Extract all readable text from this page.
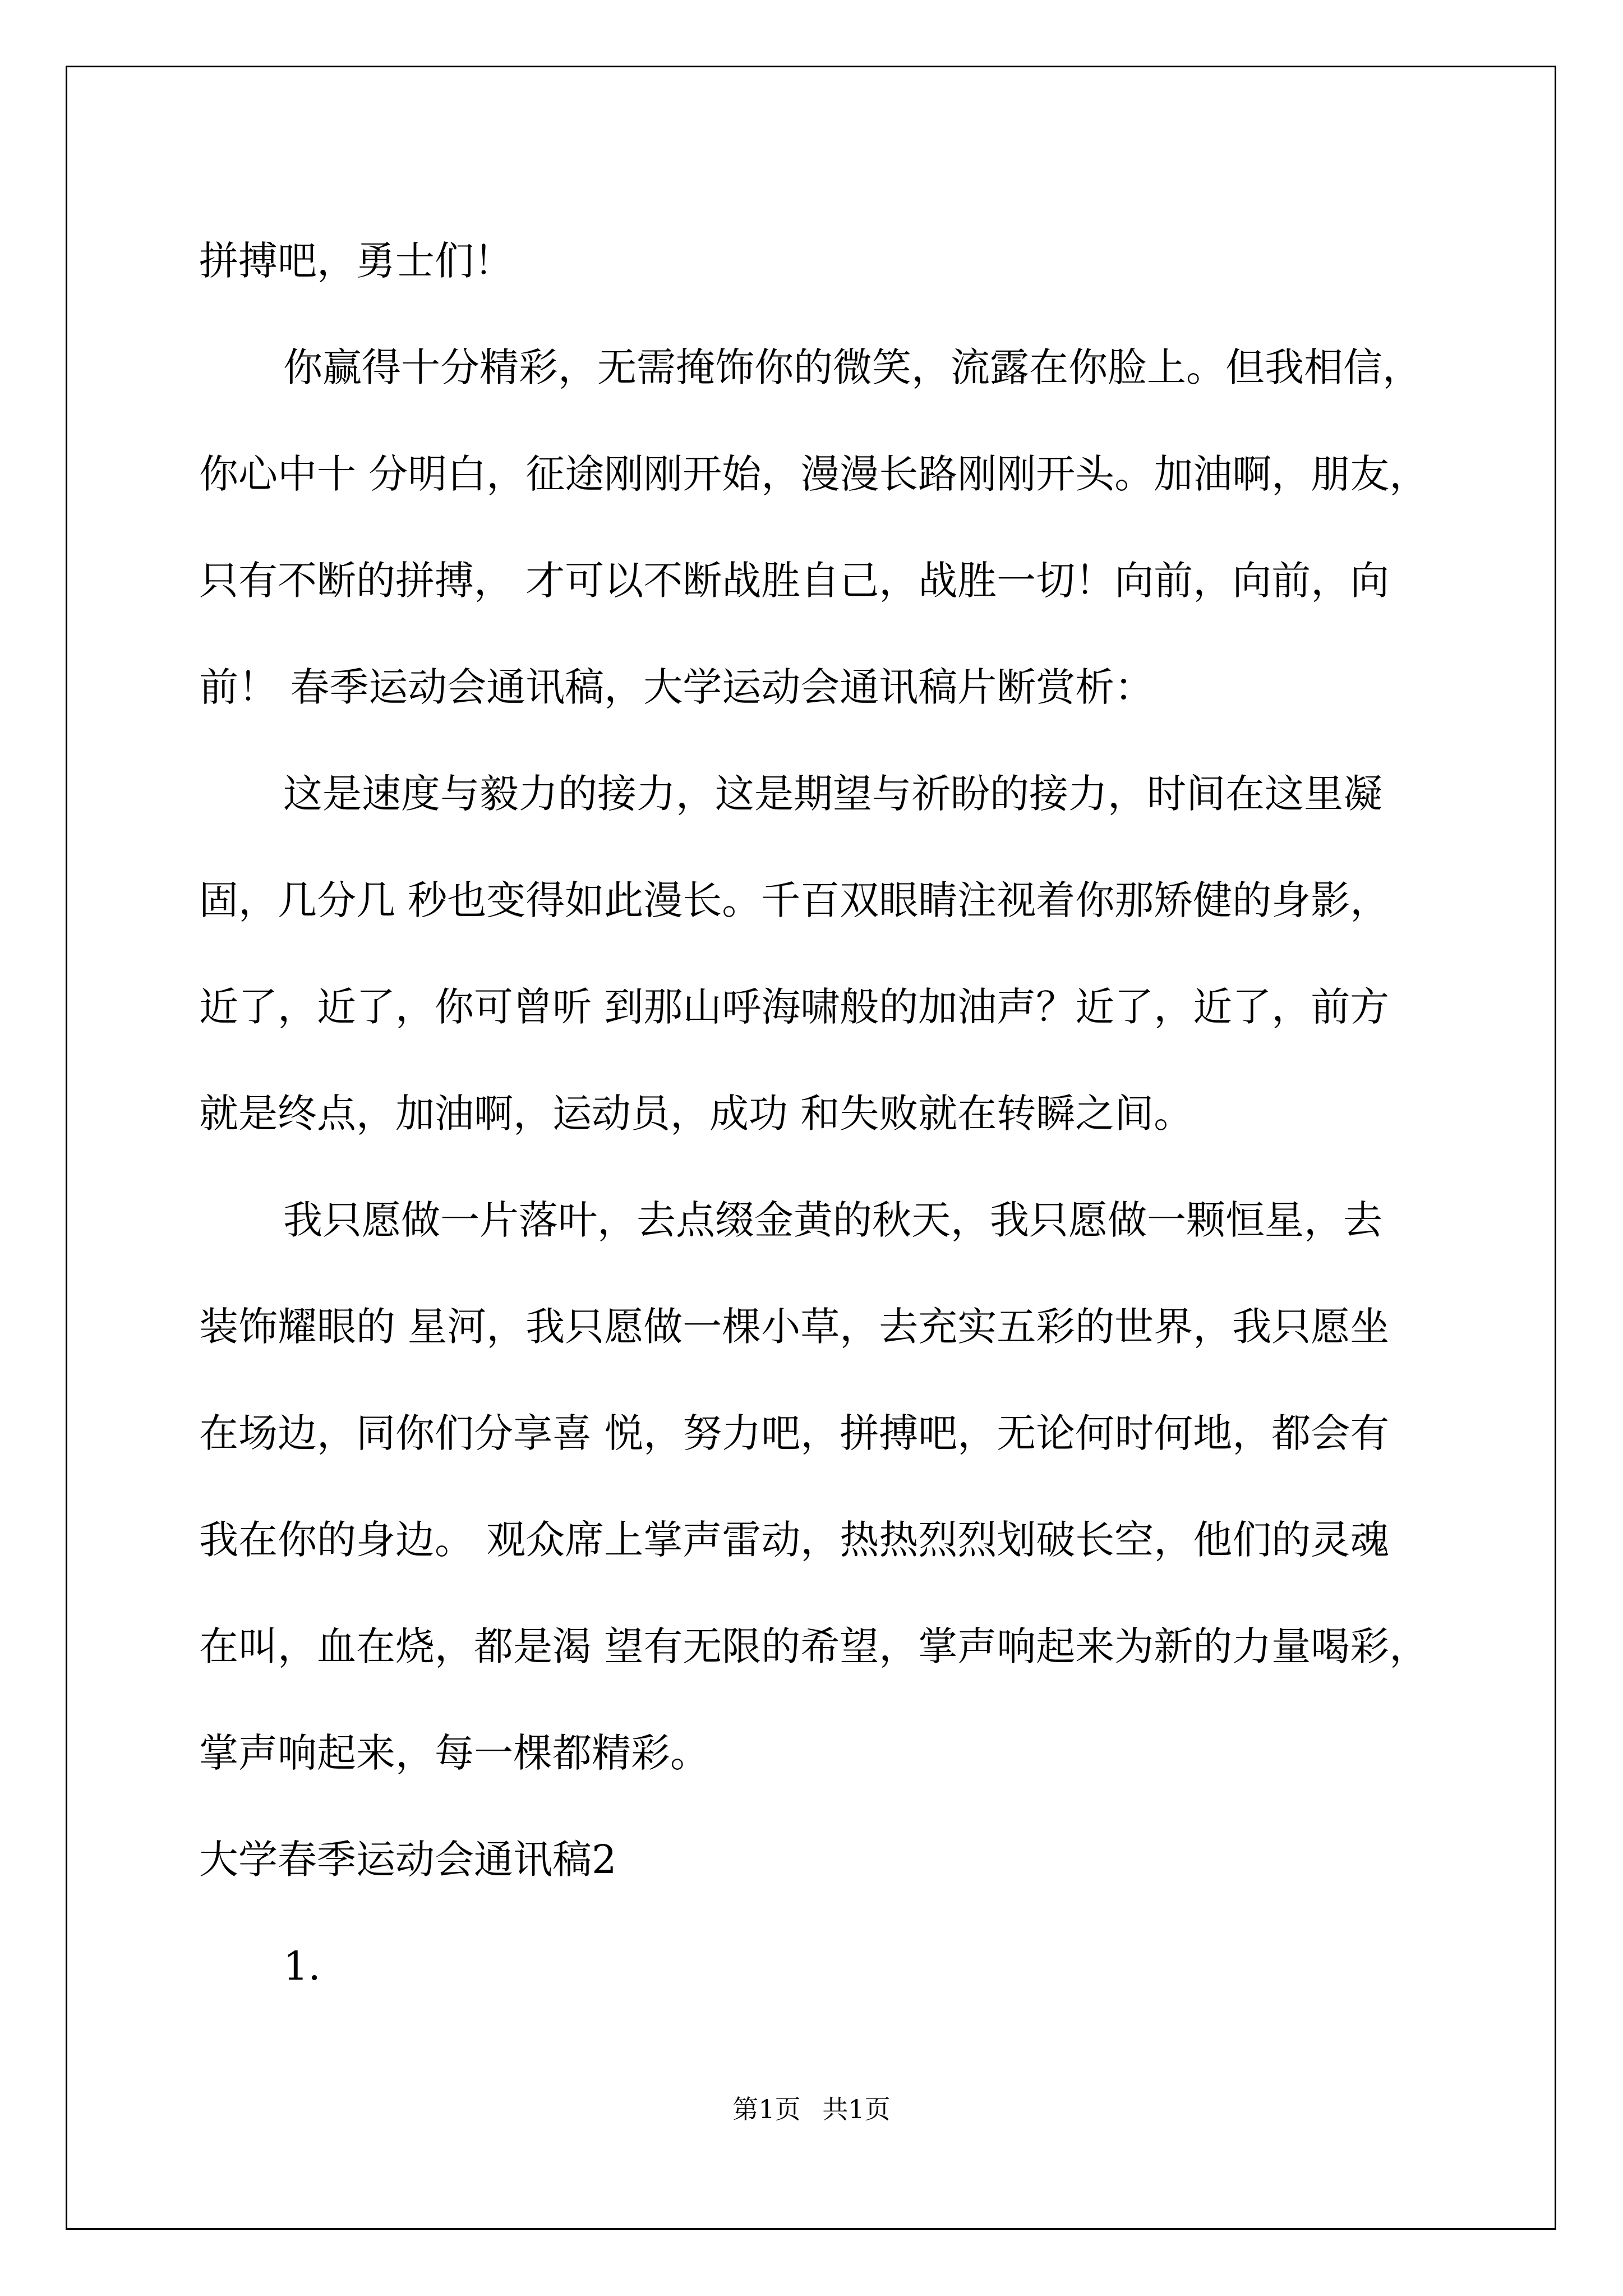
拼搏吧，勇士们！
你赢得十分精彩，无需掩饰你的微笑，流露在你脸上。但我相信，
你心中十 分明白，征途刚刚开始，漫漫长路刚刚开头。加油啊，朋友，
只有不断的拼搏， 才可以不断战胜自己，战胜一切！向前，向前，向
前！ 春季运动会通讯稿，大学运动会通讯稿片断赏析：
这是速度与毅力的接力，这是期望与祈盼的接力，时间在这里凝
固，几分几 秒也变得如此漫长。千百双眼睛注视着你那矫健的身影，
近了，近了，你可曾听 到那山呼海啸般的加油声？近了，近了，前方
就是终点，加油啊，运动员，成功 和失败就在转瞬之间。
我只愿做一片落叶，去点缀金黄的秋天，我只愿做一颗恒星，去
装饰耀眼的 星河，我只愿做一棵小草，去充实五彩的世界，我只愿坐
在场边，同你们分享喜 悦，努力吧，拼搏吧，无论何时何地，都会有
我在你的身边。 观众席上掌声雷动，热热烈烈划破长空，他们的灵魂
在叫，血在烧，都是渴 望有无限的希望，掌声响起来为新的力量喝彩，
掌声响起来，每一棵都精彩。
大学春季运动会通讯稿2
1.
第1页 共1页
